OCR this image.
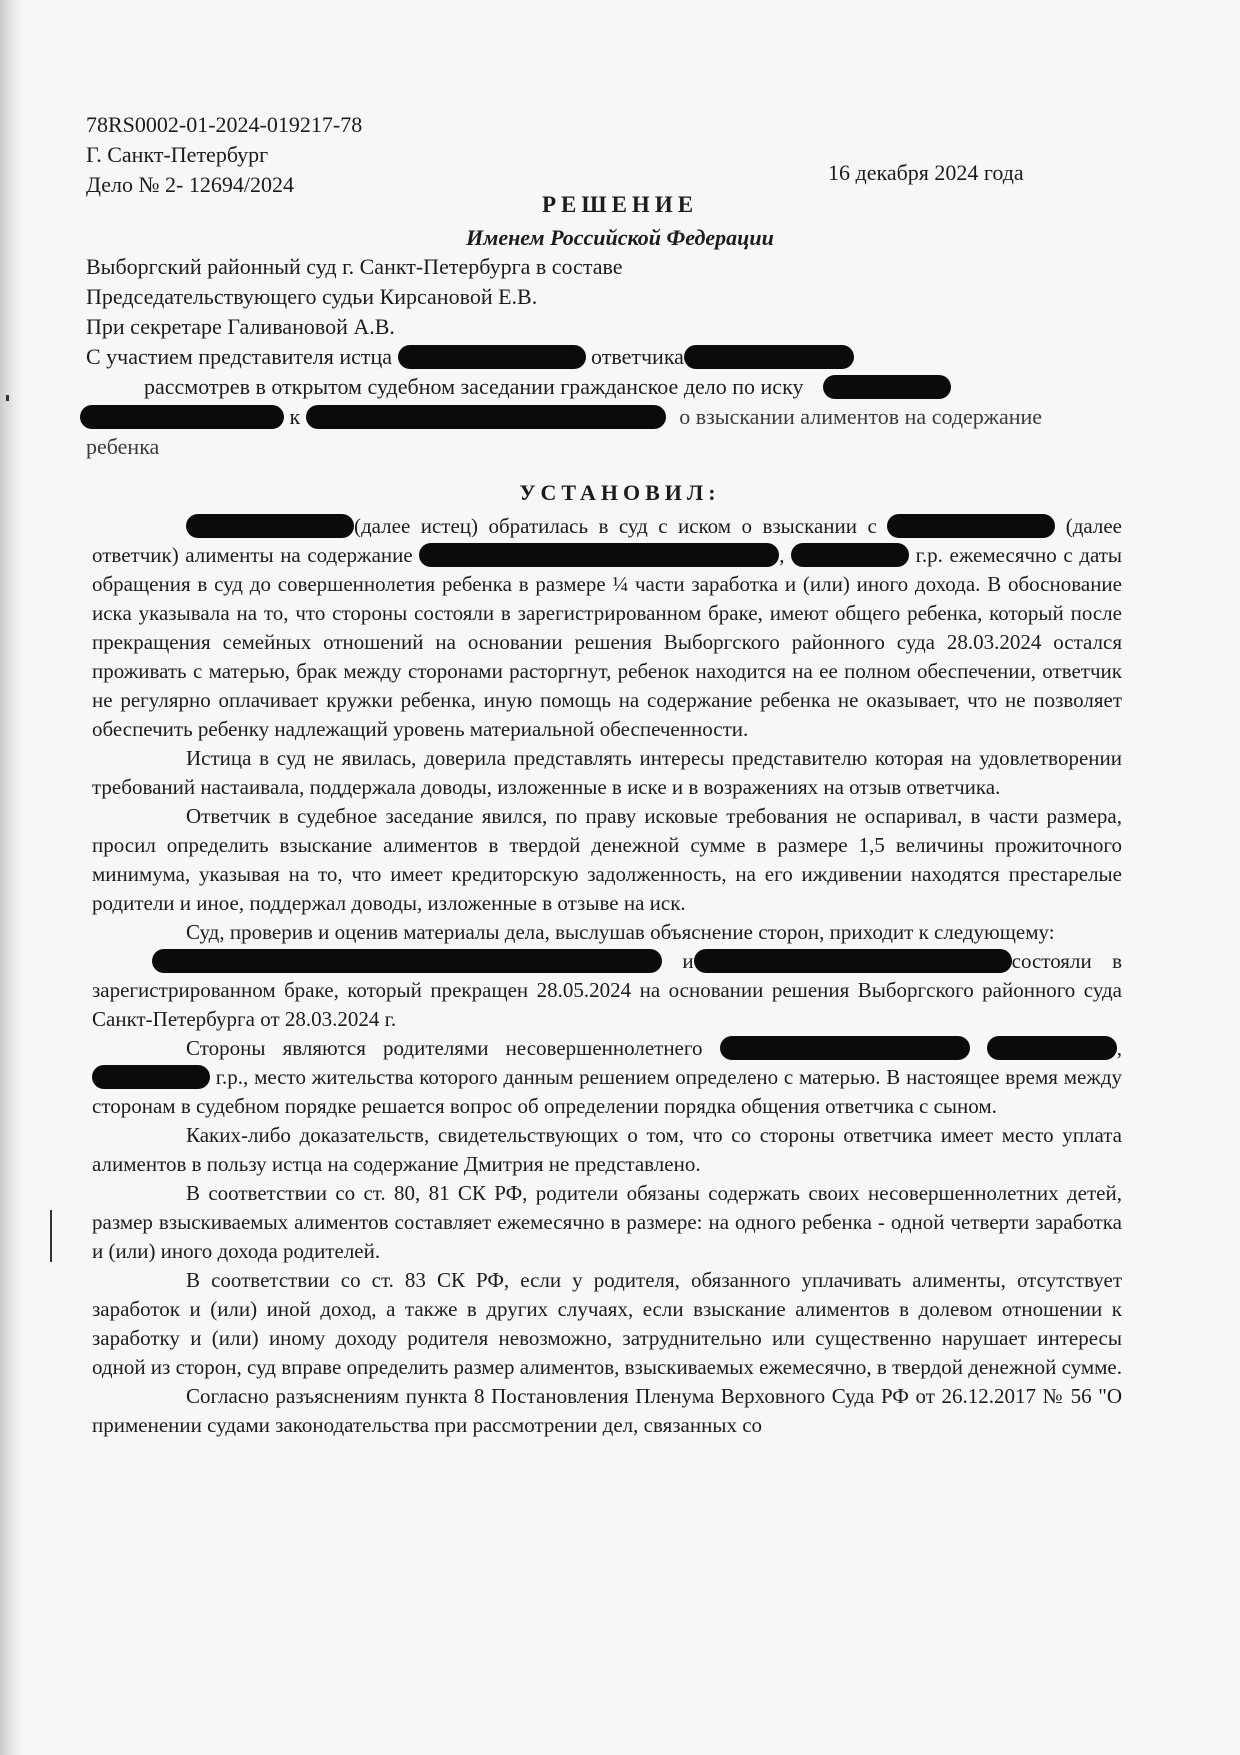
78RS0002-01-2024-019217-78
Г. Санкт-Петербург
Дело № 2- 12694/2024	16 декабря 2024 года
РЕШЕНИЕ
Именем Российской Федерации
Выборгский районный суд г. Санкт-Петербурга в составе
Председательствующего судьи Кирсановой Е.В.
При секретаре Галивановой А.В.
С участием представителя истца	ответчика
рассмотрев в открытом судебном заседании гражданское дело по иску
к	о взыскании алиментов на содержание
ребенка
УСТАНОВИЛ:

(далее истец) обратилась в суд с иском о взыскании с	(далее ответчик) алименты на содержание	,	г.р. ежемесячно с даты обращения в суд до совершеннолетия ребенка в размере ¼ части заработка и (или) иного дохода. В обоснование иска указывала на то, что стороны состояли в зарегистрированном браке, имеют общего ребенка, который после прекращения семейных отношений на основании решения Выборгского районного суда 28.03.2024 остался проживать с матерью, брак между сторонами расторгнут, ребенок находится на ее полном обеспечении, ответчик не регулярно оплачивает кружки ребенка, иную помощь на содержание ребенка не оказывает, что не позволяет обеспечить ребенку надлежащий уровень материальной обеспеченности.

Истица в суд не явилась, доверила представлять интересы представителю которая на удовлетворении требований настаивала, поддержала доводы, изложенные в иске и в возражениях на отзыв ответчика.

Ответчик в судебное заседание явился, по праву исковые требования не оспаривал, в части размера, просил определить взыскание алиментов в твердой денежной сумме в размере 1,5 величины прожиточного минимума, указывая на то, что имеет кредиторскую задолженность, на его иждивении находятся престарелые родители и иное, поддержал доводы, изложенные в отзыве на иск.

Суд, проверив и оценив материалы дела, выслушав объяснение сторон, приходит к следующему:

и	состояли в зарегистрированном браке, который прекращен 28.05.2024 на основании решения Выборгского районного суда Санкт-Петербурга от 28.03.2024 г.

Стороны являются родителями несовершеннолетнего	,  г.р., место жительства которого данным решением определено с матерью. В настоящее время между сторонам в судебном порядке решается вопрос об определении порядка общения ответчика с сыном.

Каких-либо доказательств, свидетельствующих о том, что со стороны ответчика имеет место уплата алиментов в пользу истца на содержание Дмитрия не представлено.

В соответствии со ст. 80, 81 СК РФ, родители обязаны содержать своих несовершеннолетних детей, размер взыскиваемых алиментов составляет ежемесячно в размере: на одного ребенка - одной четверти заработка и (или) иного дохода родителей.

В соответствии со ст. 83 СК РФ, если у родителя, обязанного уплачивать алименты, отсутствует заработок и (или) иной доход, а также в других случаях, если взыскание алиментов в долевом отношении к заработку и (или) иному доходу родителя невозможно, затруднительно или существенно нарушает интересы одной из сторон, суд вправе определить размер алиментов, взыскиваемых ежемесячно, в твердой денежной сумме.

Согласно разъяснениям пункта 8 Постановления Пленума Верховного Суда РФ от 26.12.2017 № 56 "О применении судами законодательства при рассмотрении дел, связанных со
